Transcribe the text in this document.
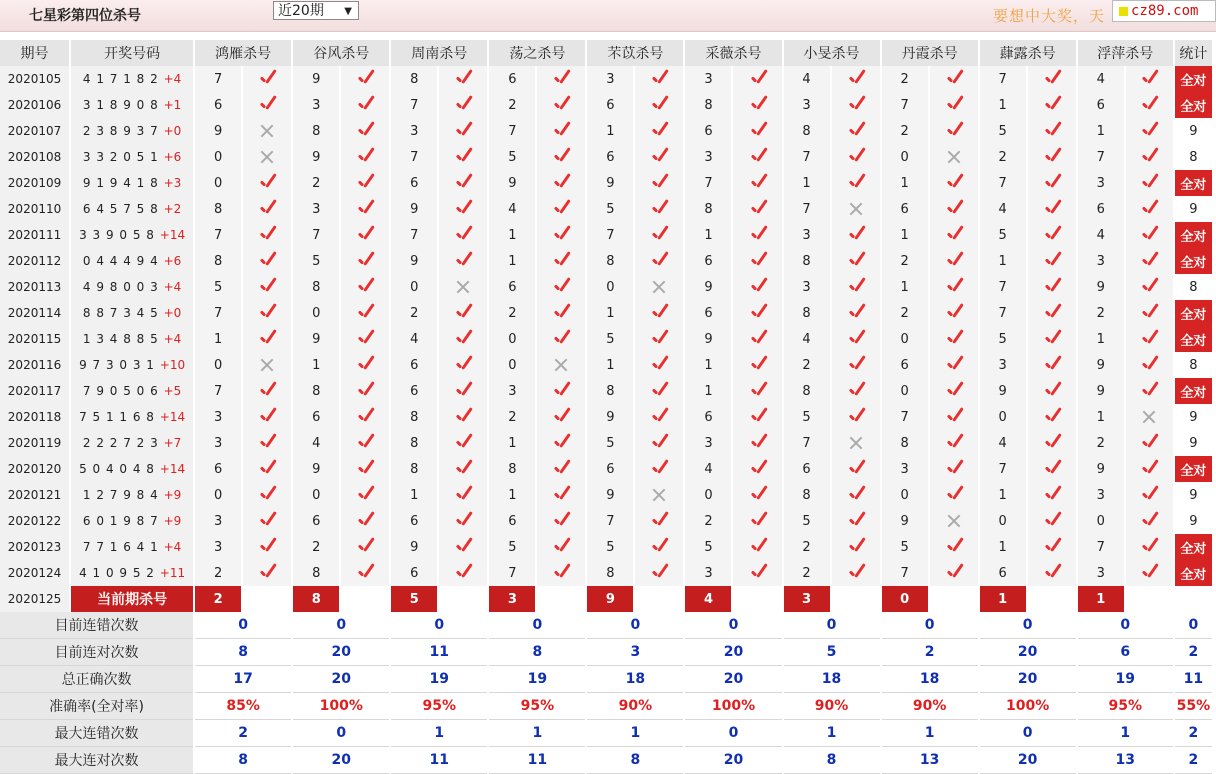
七星彩第四位杀号	近20期 ▼	要想中大奖，天	cz89.com
期号	开奖号码	鸿雁杀号		谷风杀号		周南杀号		荡之杀号		芣苡杀号		采薇杀号		小旻杀号		丹霞杀号		蕼露杀号		浮萍杀号		统计
2020105	4 1 7 1 8 2 +4	7		9		8		6		3		3		4		2		7		4		全对
2020106	3 1 8 9 0 8 +1	6		3		7		2		6		8		3		7		1		6		全对
2020107	2 3 8 9 3 7 +0	9		8		3		7		1		6		8		2		5		1		9
2020108	3 3 2 0 5 1 +6	0		9		7		5		6		3		7		0		2		7		8
2020109	9 1 9 4 1 8 +3	0		2		6		9		9		7		1		1		7		3		全对
2020110	6 4 5 7 5 8 +2	8		3		9		4		5		8		7		6		4		6		9
2020111	3 3 9 0 5 8 +14	7		7		7		1		7		1		3		1		5		4		全对
2020112	0 4 4 4 9 4 +6	8		5		9		1		8		6		8		2		1		3		全对
2020113	4 9 8 0 0 3 +4	5		8		0		6		0		9		3		1		7		9		8
2020114	8 8 7 3 4 5 +0	7		0		2		2		1		6		8		2		7		2		全对
2020115	1 3 4 8 8 5 +4	1		9		4		0		5		9		4		0		5		1		全对
2020116	9 7 3 0 3 1 +10	0		1		6		0		1		1		2		6		3		9		8
2020117	7 9 0 5 0 6 +5	7		8		6		3		8		1		8		0		9		9		全对
2020118	7 5 1 1 6 8 +14	3		6		8		2		9		6		5		7		0		1		9
2020119	2 2 2 7 2 3 +7	3		4		8		1		5		3		7		8		4		2		9
2020120	5 0 4 0 4 8 +14	6		9		8		8		6		4		6		3		7		9		全对
2020121	1 2 7 9 8 4 +9	0		0		1		1		9		0		8		0		1		3		9
2020122	6 0 1 9 8 7 +9	3		6		6		6		7		2		5		9		0		0		9
2020123	7 7 1 6 4 1 +4	3		2		9		5		5		5		2		5		1		7		全对
2020124	4 1 0 9 5 2 +11	2		8		6		7		8		3		2		7		6		3		全对
2020125	当前期杀号	2		8		5		3		9		4		3		0		1		1		
目前连错次数		0		0		0		0		0		0		0		0		0		0		0
目前连对次数		8		20		11		8		3		20		5		2		20		6		2
总正确次数		17		20		19		19		18		20		18		18		20		19		11
准确率(全对率)		85%		100%		95%		95%		90%		100%		90%		90%		100%		95%		55%
最大连错次数		2		0		1		1		1		0		1		1		0		1		2
最大连对次数		8		20		11		11		8		20		8		13		20		13		2
